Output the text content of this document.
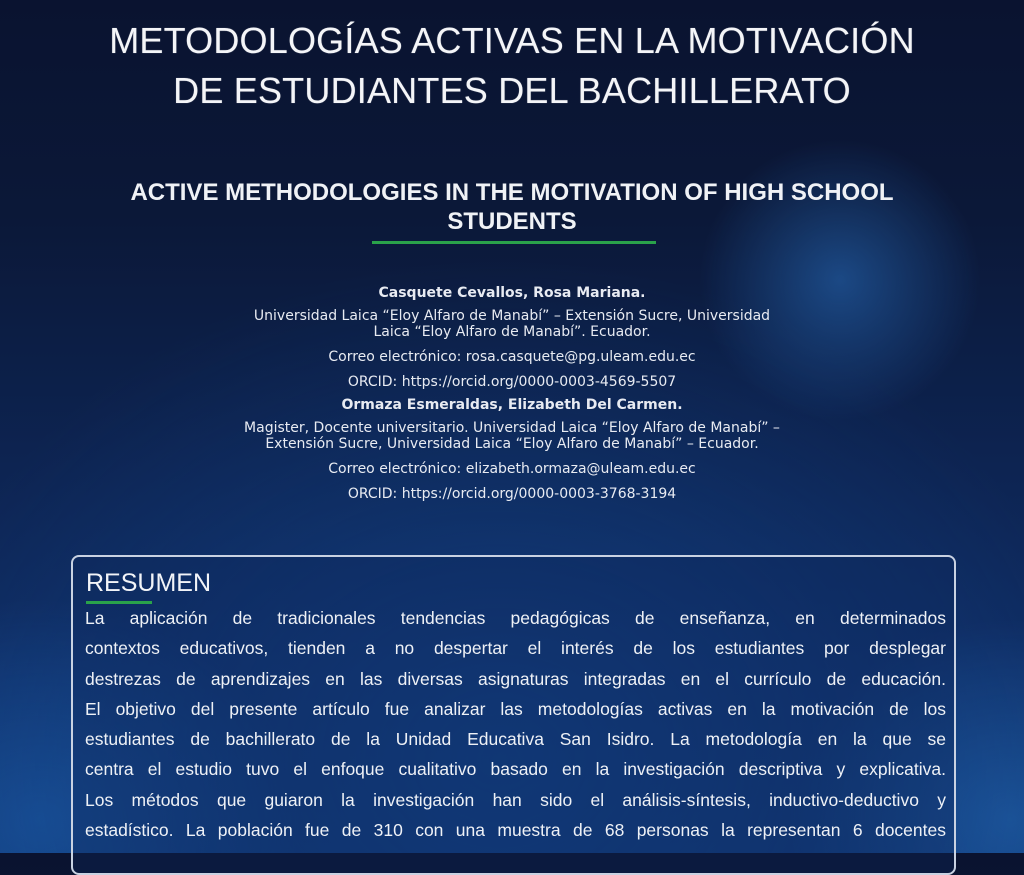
METODOLOGÍAS ACTIVAS EN LA MOTIVACIÓN
DE ESTUDIANTES DEL BACHILLERATO
ACTIVE METHODOLOGIES IN THE MOTIVATION OF HIGH SCHOOL
STUDENTS
Casquete Cevallos, Rosa Mariana.
Universidad Laica “Eloy Alfaro de Manabí” – Extensión Sucre, Universidad
Laica “Eloy Alfaro de Manabí”. Ecuador.
Correo electrónico: rosa.casquete@pg.uleam.edu.ec
ORCID: https://orcid.org/0000-0003-4569-5507
Ormaza Esmeraldas, Elizabeth Del Carmen.
Magister, Docente universitario. Universidad Laica “Eloy Alfaro de Manabí” –
Extensión Sucre, Universidad Laica “Eloy Alfaro de Manabí” – Ecuador.
Correo electrónico: elizabeth.ormaza@uleam.edu.ec
ORCID: https://orcid.org/0000-0003-3768-3194
RESUMEN

La aplicación de tradicionales tendencias pedagógicas de enseñanza, en determinados
contextos educativos, tienden a no despertar el interés de los estudiantes por desplegar
destrezas de aprendizajes en las diversas asignaturas integradas en el currículo de educación.
El objetivo del presente artículo fue analizar las metodologías activas en la motivación de los
estudiantes de bachillerato de la Unidad Educativa San Isidro. La metodología en la que se
centra el estudio tuvo el enfoque cualitativo basado en la investigación descriptiva y explicativa.
Los métodos que guiaron la investigación han sido el análisis-síntesis, inductivo-deductivo y
estadístico. La población fue de 310 con una muestra de 68 personas la representan 6 docentes
